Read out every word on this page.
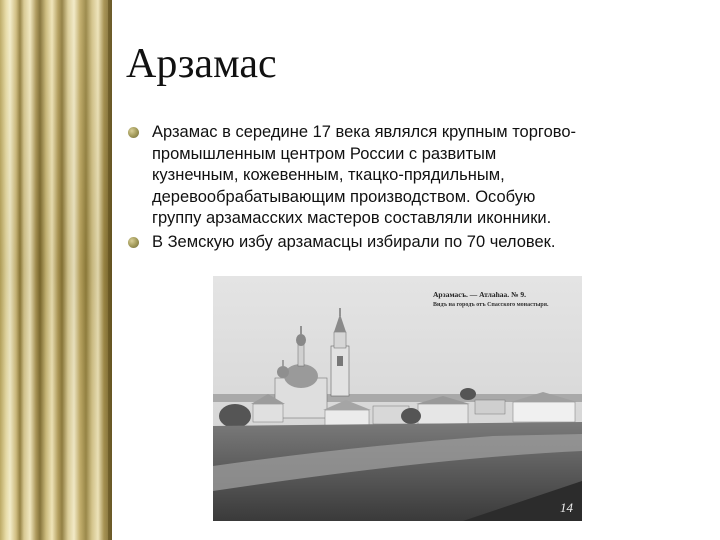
Арзамас
Арзамас в середине 17 века являлся крупным торгово-
промышленным центром России с развитым
кузнечным, кожевенным, ткацко-прядильным,
деревообрабатывающим производством. Особую
группу арзамасских мастеров составляли иконники.
В Земскую избу арзамасцы избирали по 70 человек.
Арзамасъ. — Атлаhaa. № 9.
Видъ на городъ отъ Спасского монастыря.
14
